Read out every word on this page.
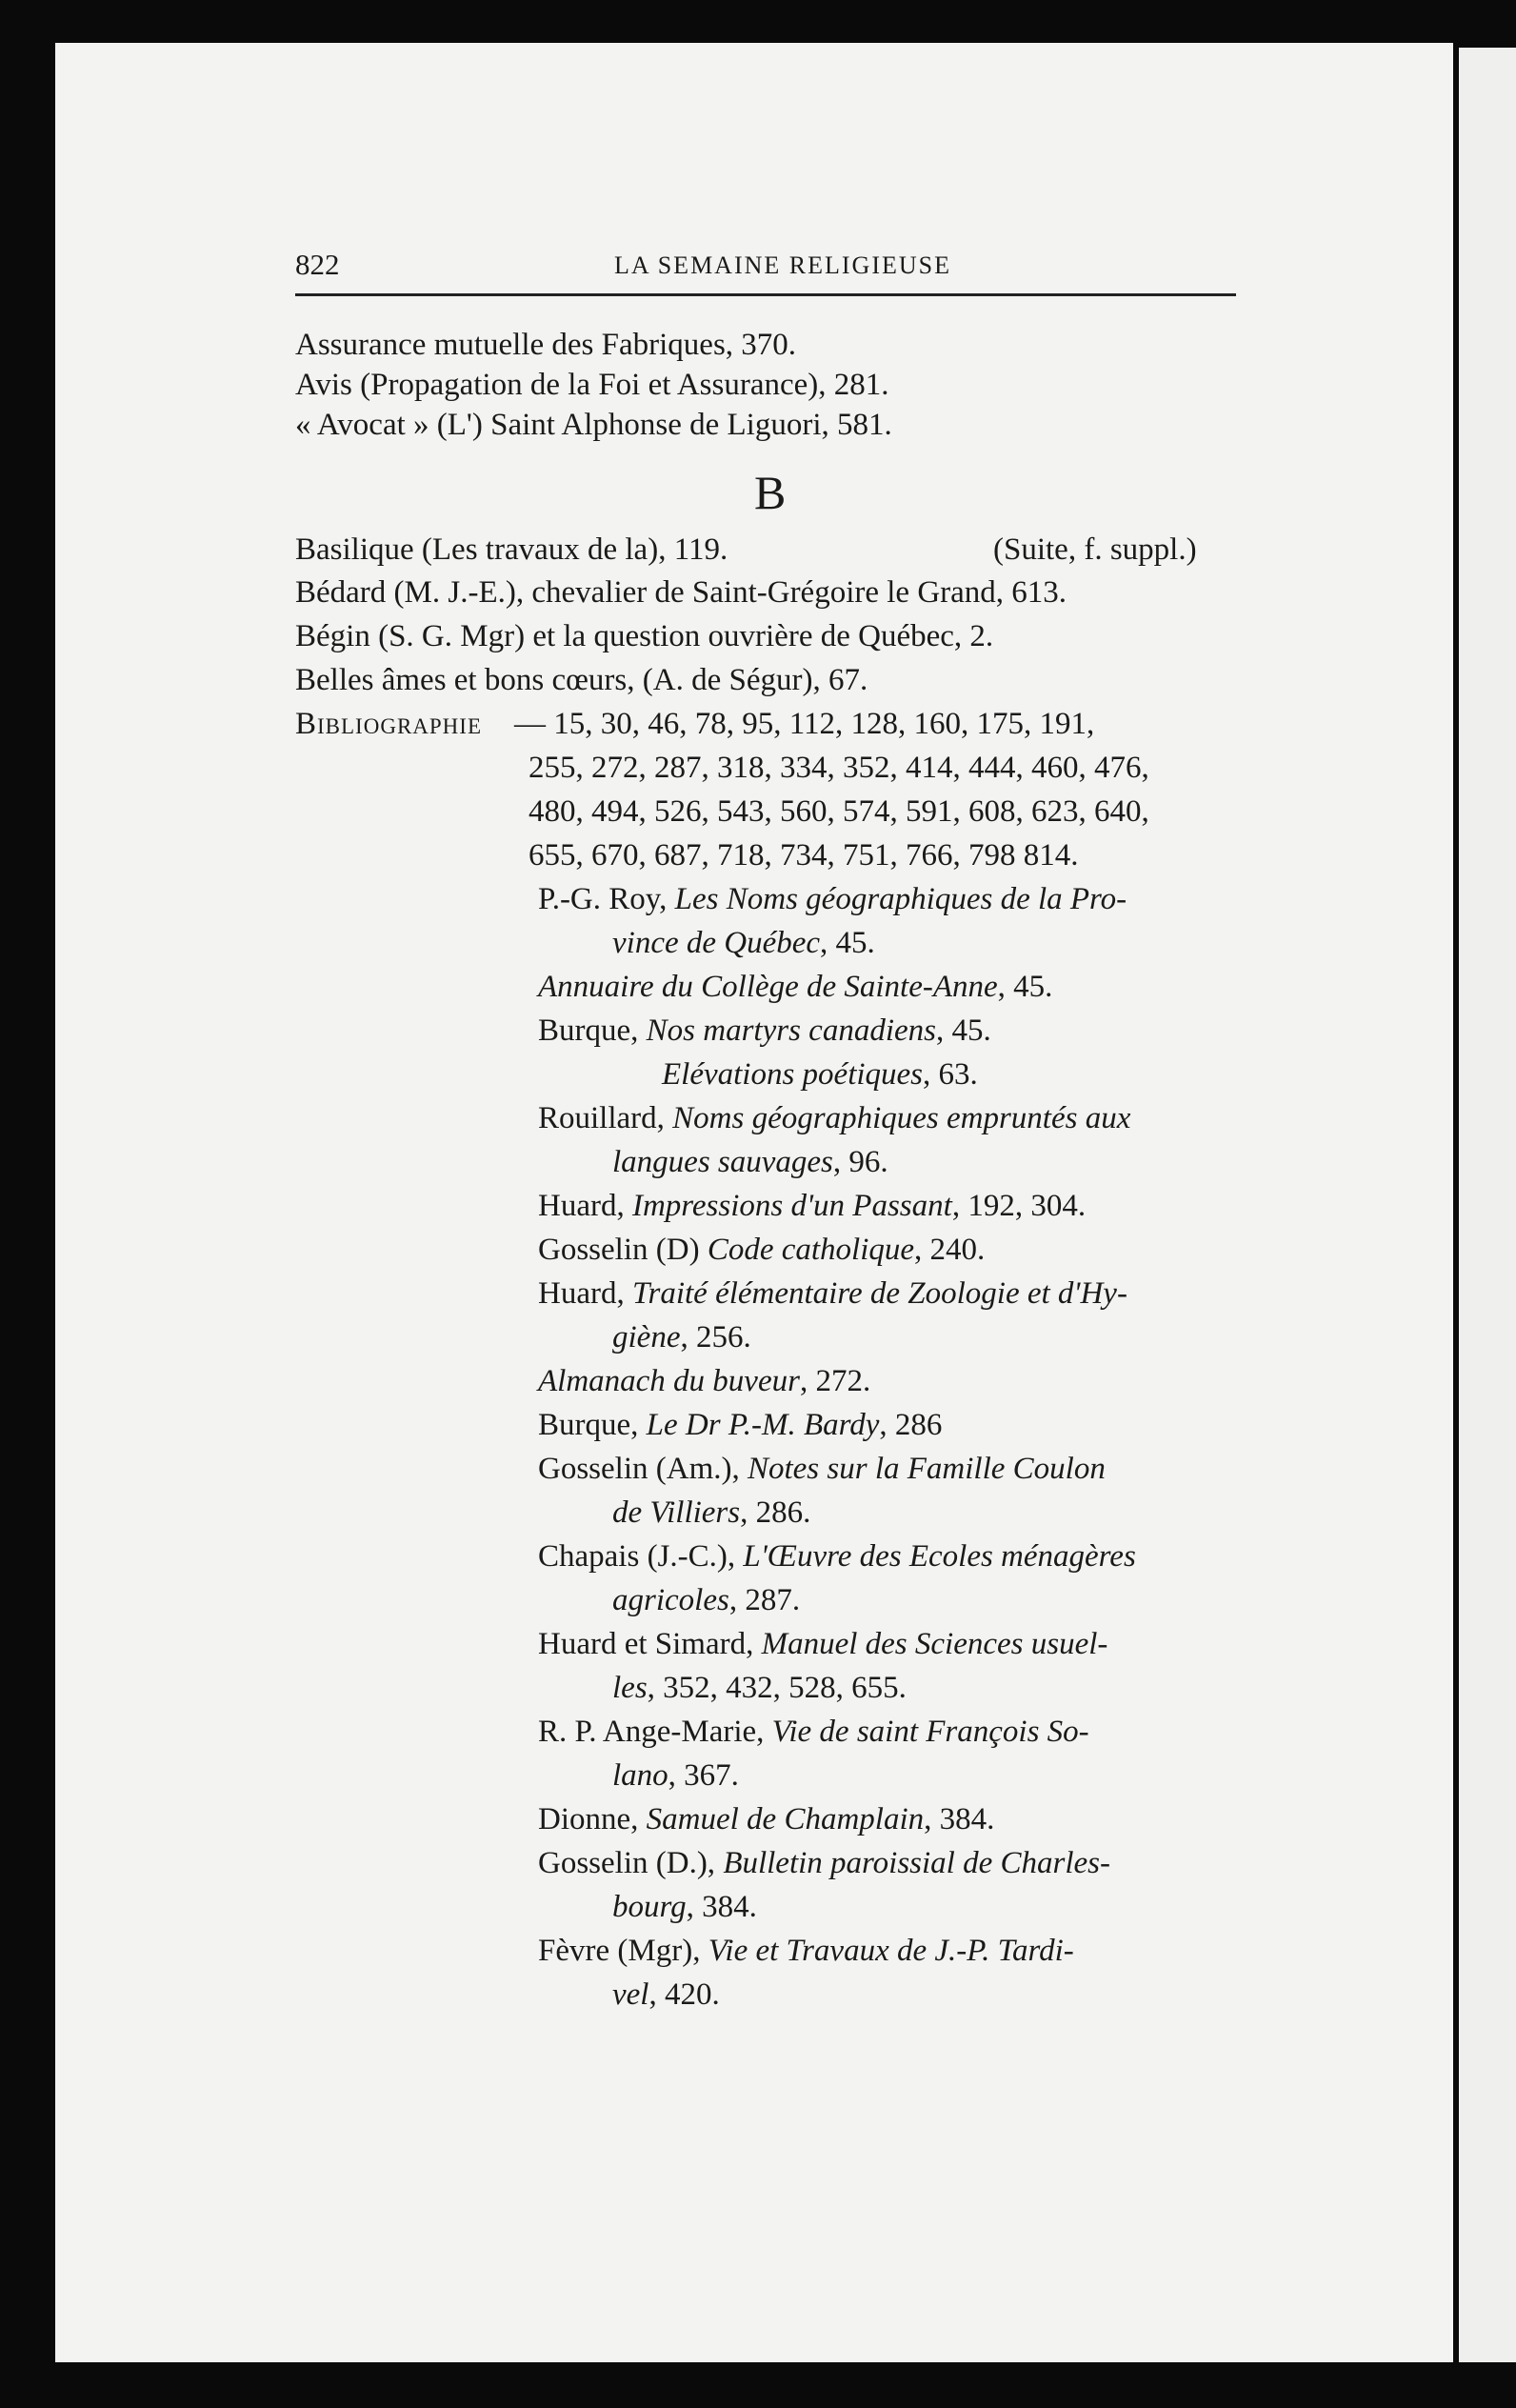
822	LA SEMAINE RELIGIEUSE
Assurance mutuelle des Fabriques, 370.
Avis (Propagation de la Foi et Assurance), 281.
« Avocat » (L') Saint Alphonse de Liguori, 581.
B
Basilique (Les travaux de la), 119.	(Suite, f. suppl.)
Bédard (M. J.-E.), chevalier de Saint-Grégoire le Grand, 613.
Bégin (S. G. Mgr) et la question ouvrière de Québec, 2.
Belles âmes et bons cœurs, (A. de Ségur), 67.
Bibliographie — 15, 30, 46, 78, 95, 112, 128, 160, 175, 191,
255, 272, 287, 318, 334, 352, 414, 444, 460, 476,
480, 494, 526, 543, 560, 574, 591, 608, 623, 640,
655, 670, 687, 718, 734, 751, 766, 798 814.
P.-G. Roy, Les Noms géographiques de la Pro-
vince de Québec, 45.
Annuaire du Collège de Sainte-Anne, 45.
Burque, Nos martyrs canadiens, 45.
Elévations poétiques, 63.
Rouillard, Noms géographiques empruntés aux
langues sauvages, 96.
Huard, Impressions d'un Passant, 192, 304.
Gosselin (D) Code catholique, 240.
Huard, Traité élémentaire de Zoologie et d'Hy-
giène, 256.
Almanach du buveur, 272.
Burque, Le Dr P.-M. Bardy, 286
Gosselin (Am.), Notes sur la Famille Coulon
de Villiers, 286.
Chapais (J.-C.), L'Œuvre des Ecoles ménagères
agricoles, 287.
Huard et Simard, Manuel des Sciences usuel-
les, 352, 432, 528, 655.
R. P. Ange-Marie, Vie de saint François So-
lano, 367.
Dionne, Samuel de Champlain, 384.
Gosselin (D.), Bulletin paroissial de Charles-
bourg, 384.
Fèvre (Mgr), Vie et Travaux de J.-P. Tardi-
vel, 420.
